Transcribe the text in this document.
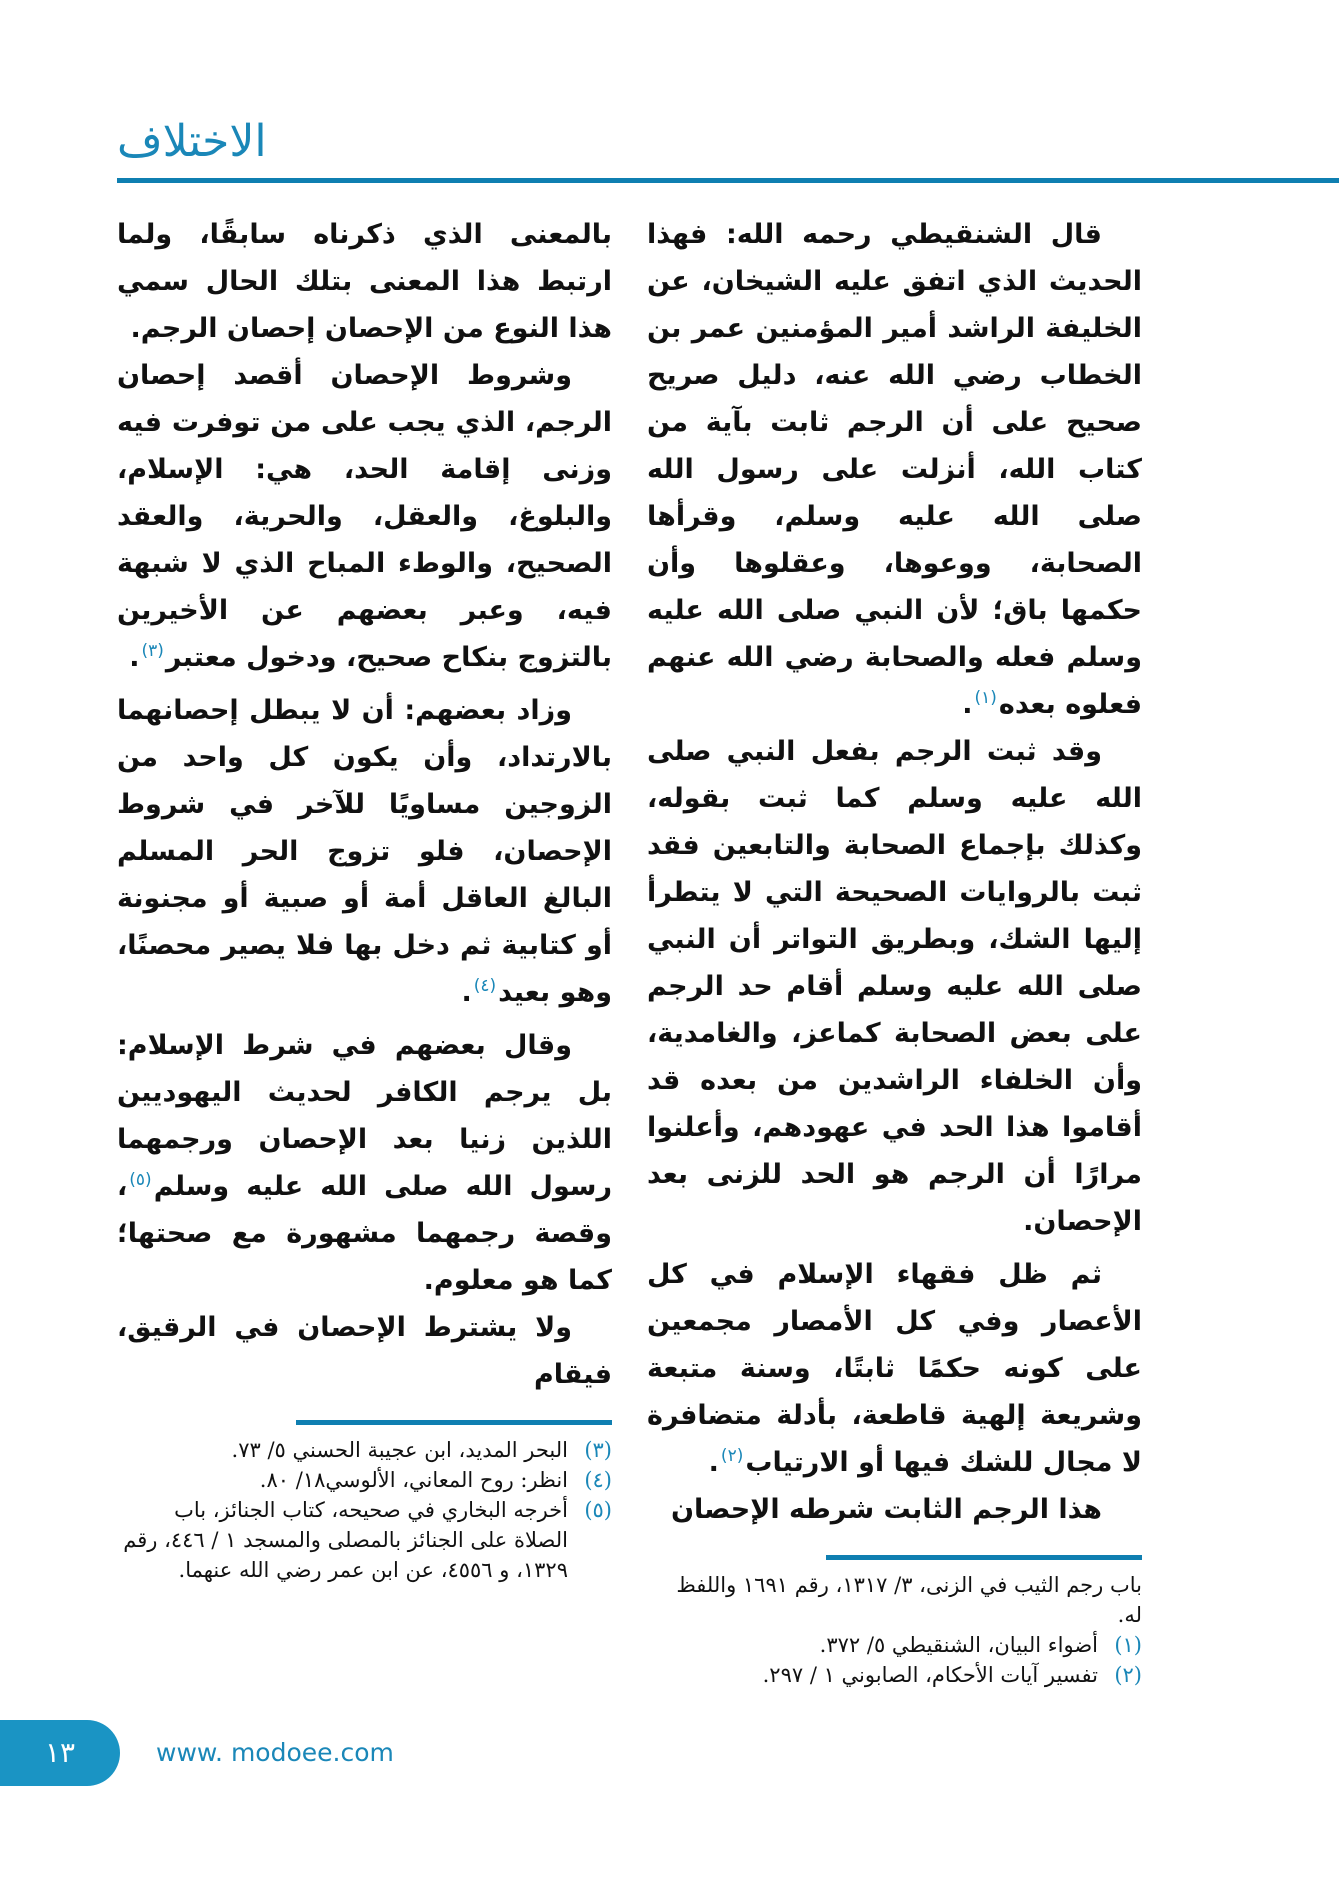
الاختلاف

بالمعنى الذي ذكرناه سابقًا، ولما ارتبط هذا المعنى بتلك الحال سمي هذا النوع من الإحصان إحصان الرجم.

وشروط الإحصان أقصد إحصان الرجم، الذي يجب على من توفرت فيه وزنى إقامة الحد، هي: الإسلام، والبلوغ، والعقل، والحرية، والعقد الصحيح، والوطء المباح الذي لا شبهة فيه، وعبر بعضهم عن الأخيرين بالتزوج بنكاح صحيح، ودخول معتبر$^{(٣)}$.

وزاد بعضهم: أن لا يبطل إحصانهما بالارتداد، وأن يكون كل واحد من الزوجين مساويًا للآخر في شروط الإحصان، فلو تزوج الحر المسلم البالغ العاقل أمة أو صبية أو مجنونة أو كتابية ثم دخل بها فلا يصير محصنًا، وهو بعيد$^{(٤)}$.

وقال بعضهم في شرط الإسلام: بل يرجم الكافر لحديث اليهوديين اللذين زنيا بعد الإحصان ورجمهما رسول الله صلى الله عليه وسلم$^{(٥)}$، وقصة رجمهما مشهورة مع صحتها؛ كما هو معلوم.

ولا يشترط الإحصان في الرقيق، فيقام

(٣)
البحر المديد، ابن عجيبة الحسني ٥/ ٧٣.
(٤)
انظر: روح المعاني، الألوسي١٨/ ٨٠.
(٥)
أخرجه البخاري في صحيحه، كتاب الجنائز، باب الصلاة على الجنائز بالمصلى والمسجد ١ / ٤٤٦، رقم ١٣٢٩، و ٤٥٥٦، عن ابن عمر رضي الله عنهما.

قال الشنقيطي رحمه الله: فهذا الحديث الذي اتفق عليه الشيخان، عن الخليفة الراشد أمير المؤمنين عمر بن الخطاب رضي الله عنه، دليل صريح صحيح على أن الرجم ثابت بآية من كتاب الله، أنزلت على رسول الله صلى الله عليه وسلم، وقرأها الصحابة، ووعوها، وعقلوها وأن حكمها باق؛ لأن النبي صلى الله عليه وسلم فعله والصحابة رضي الله عنهم فعلوه بعده$^{(١)}$.

وقد ثبت الرجم بفعل النبي صلى الله عليه وسلم كما ثبت بقوله، وكذلك بإجماع الصحابة والتابعين فقد ثبت بالروايات الصحيحة التي لا يتطرأ إليها الشك، وبطريق التواتر أن النبي صلى الله عليه وسلم أقام حد الرجم على بعض الصحابة كماعز، والغامدية، وأن الخلفاء الراشدين من بعده قد أقاموا هذا الحد في عهودهم، وأعلنوا مرارًا أن الرجم هو الحد للزنى بعد الإحصان.

ثم ظل فقهاء الإسلام في كل الأعصار وفي كل الأمصار مجمعين على كونه حكمًا ثابتًا، وسنة متبعة وشريعة إلهية قاطعة، بأدلة متضافرة لا مجال للشك فيها أو الارتياب$^{(٢)}$.

هذا الرجم الثابت شرطه الإحصان

باب رجم الثيب في الزنى، ٣/ ١٣١٧، رقم ١٦٩١ واللفظ له.
(١)
أضواء البيان، الشنقيطي ٥/ ٣٧٢.
(٢)
تفسير آيات الأحكام، الصابوني ١ / ٢٩٧.
١٣	www. modoee.com
